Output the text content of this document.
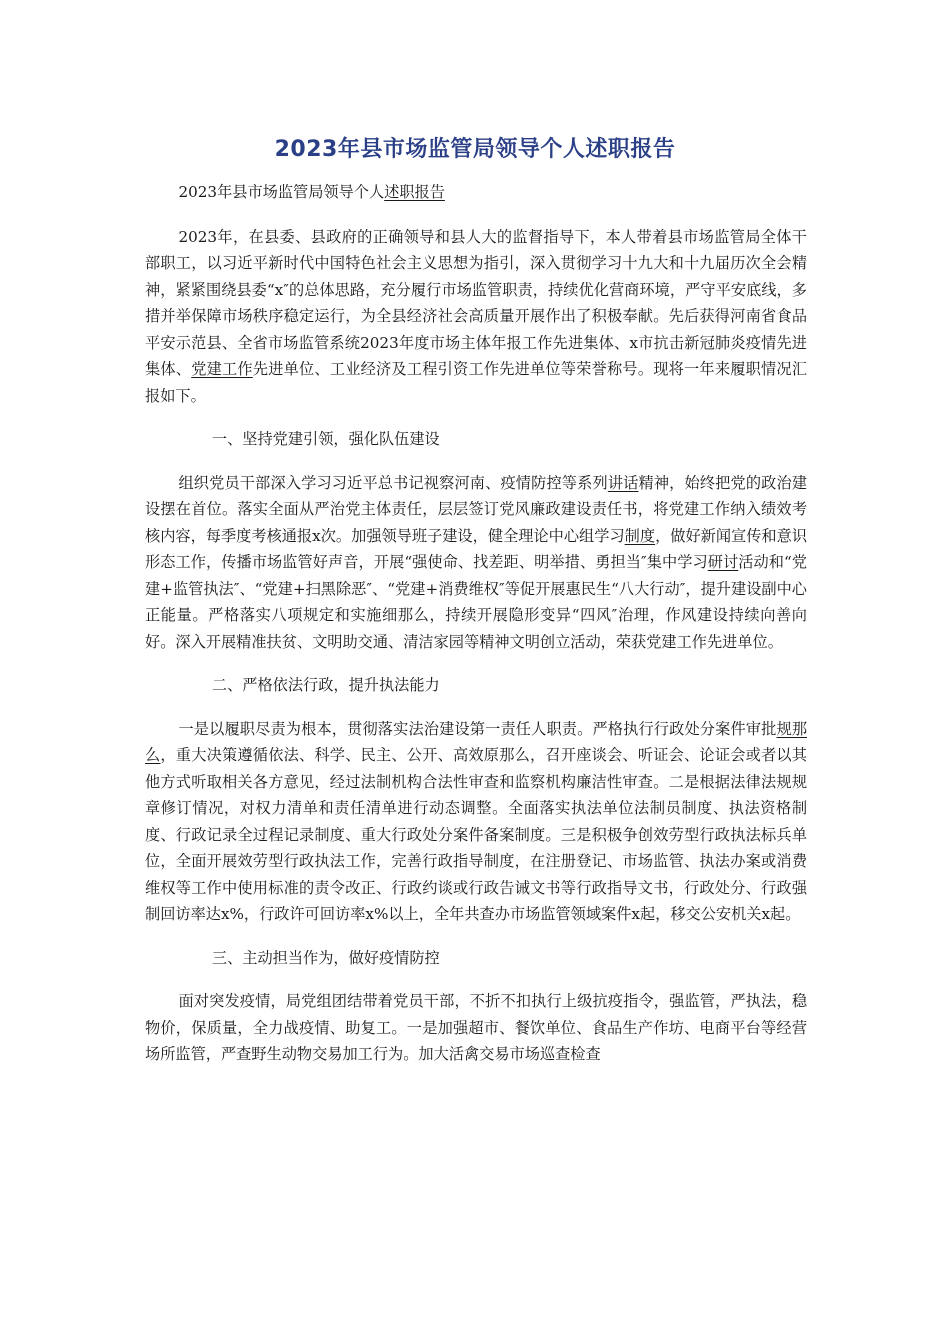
2023年县市场监管局领导个人述职报告

2023年县市场监管局领导个人述职报告

2023年，在县委、县政府的正确领导和县人大的监督指导下，本人带着县市场监管局全体干部职工，以习近平新时代中国特色社会主义思想为指引，深入贯彻学习十九大和十九届历次全会精神，紧紧围绕县委“x″的总体思路，充分履行市场监管职责，持续优化营商环境，严守平安底线，多措并举保障市场秩序稳定运行，为全县经济社会高质量开展作出了积极奉献。先后获得河南省食品平安示范县、全省市场监管系统2023年度市场主体年报工作先进集体、x市抗击新冠肺炎疫情先进集体、党建工作先进单位、工业经济及工程引资工作先进单位等荣誉称号。现将一年来履职情况汇报如下。

一、坚持党建引领，强化队伍建设

组织党员干部深入学习习近平总书记视察河南、疫情防控等系列讲话精神，始终把党的政治建设摆在首位。落实全面从严治党主体责任，层层签订党风廉政建设责任书，将党建工作纳入绩效考核内容，每季度考核通报x次。加强领导班子建设，健全理论中心组学习制度，做好新闻宣传和意识形态工作，传播市场监管好声音，开展“强使命、找差距、明举措、勇担当″集中学习研讨活动和“党建+监管执法″、“党建+扫黑除恶″、“党建+消费维权″等促开展惠民生“八大行动″，提升建设副中心正能量。严格落实八项规定和实施细那么，持续开展隐形变异“四风″治理，作风建设持续向善向好。深入开展精准扶贫、文明助交通、清洁家园等精神文明创立活动，荣获党建工作先进单位。

二、严格依法行政，提升执法能力

一是以履职尽责为根本，贯彻落实法治建设第一责任人职责。严格执行行政处分案件审批规那么，重大决策遵循依法、科学、民主、公开、高效原那么，召开座谈会、听证会、论证会或者以其他方式听取相关各方意见，经过法制机构合法性审查和监察机构廉洁性审查。二是根据法律法规规章修订情况，对权力清单和责任清单进行动态调整。全面落实执法单位法制员制度、执法资格制度、行政记录全过程记录制度、重大行政处分案件备案制度。三是积极争创效劳型行政执法标兵单位，全面开展效劳型行政执法工作，完善行政指导制度，在注册登记、市场监管、执法办案或消费维权等工作中使用标准的责令改正、行政约谈或行政告诫文书等行政指导文书，行政处分、行政强制回访率达x%，行政许可回访率x%以上，全年共查办市场监管领域案件x起，移交公安机关x起。

三、主动担当作为，做好疫情防控

面对突发疫情，局党组团结带着党员干部，不折不扣执行上级抗疫指令，强监管，严执法，稳物价，保质量，全力战疫情、助复工。一是加强超市、餐饮单位、食品生产作坊、电商平台等经营场所监管，严查野生动物交易加工行为。加大活禽交易市场巡查检查
